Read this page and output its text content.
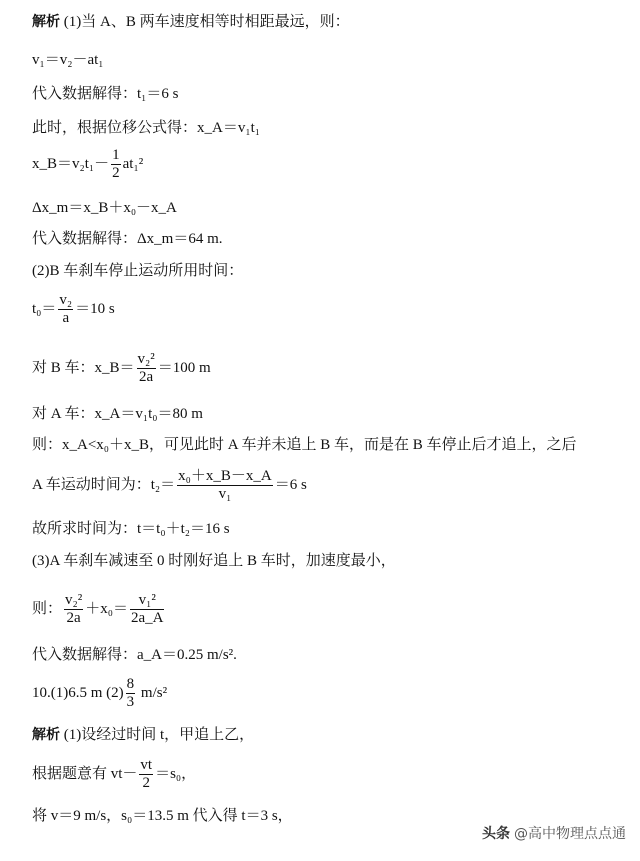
解析 (1)当 A、B 两车速度相等时相距最远，则：
v₁＝v₂－at₁
代入数据解得：t₁＝6 s
此时，根据位移公式得：x_A＝v₁t₁
x_B＝v₂t₁－ $\frac{1}{2} at_1^2$
Δx_m＝x_B＋x₀－x_A
代入数据解得：Δx_m＝64 m.
(2)B 车刹车停止运动所用时间：
$t_0= \frac{\text{v₂}}{a} =10$ s
对 B 车：x_B＝ $\frac{\text{v₂²}}{2a} =100$ m
对 A 车：x_A＝v₁t₀＝80 m
则：x_A<x₀＋x_B，可见此时 A 车并未追上 B 车，而是在 B 车停止后才追上，之后
A 车运动时间为：$t_2= \frac{\text{x₀＋x\_B－x\_A}}{\text{v₁}} =6$ s
故所求时间为：t＝t₀＋t₂＝16 s
(3)A 车刹车减速至 0 时刚好追上 B 车时，加速度最小，
则： $\frac{\text{v₂²}}{2a} +x_0= \frac{\text{v₁²}}{2a\_A}$
代入数据解得：a_A＝0.25 m/s².
10.(1)6.5 m $(2) \frac{8}{3} m/s^2$
解析 (1)设经过时间 t，甲追上乙，
根据题意有 $vt- \frac{vt}{2} =s_0$，
将 v＝9 m/s，s₀＝13.5 m 代入得 t＝3 s，
头条 @高中物理点点通
